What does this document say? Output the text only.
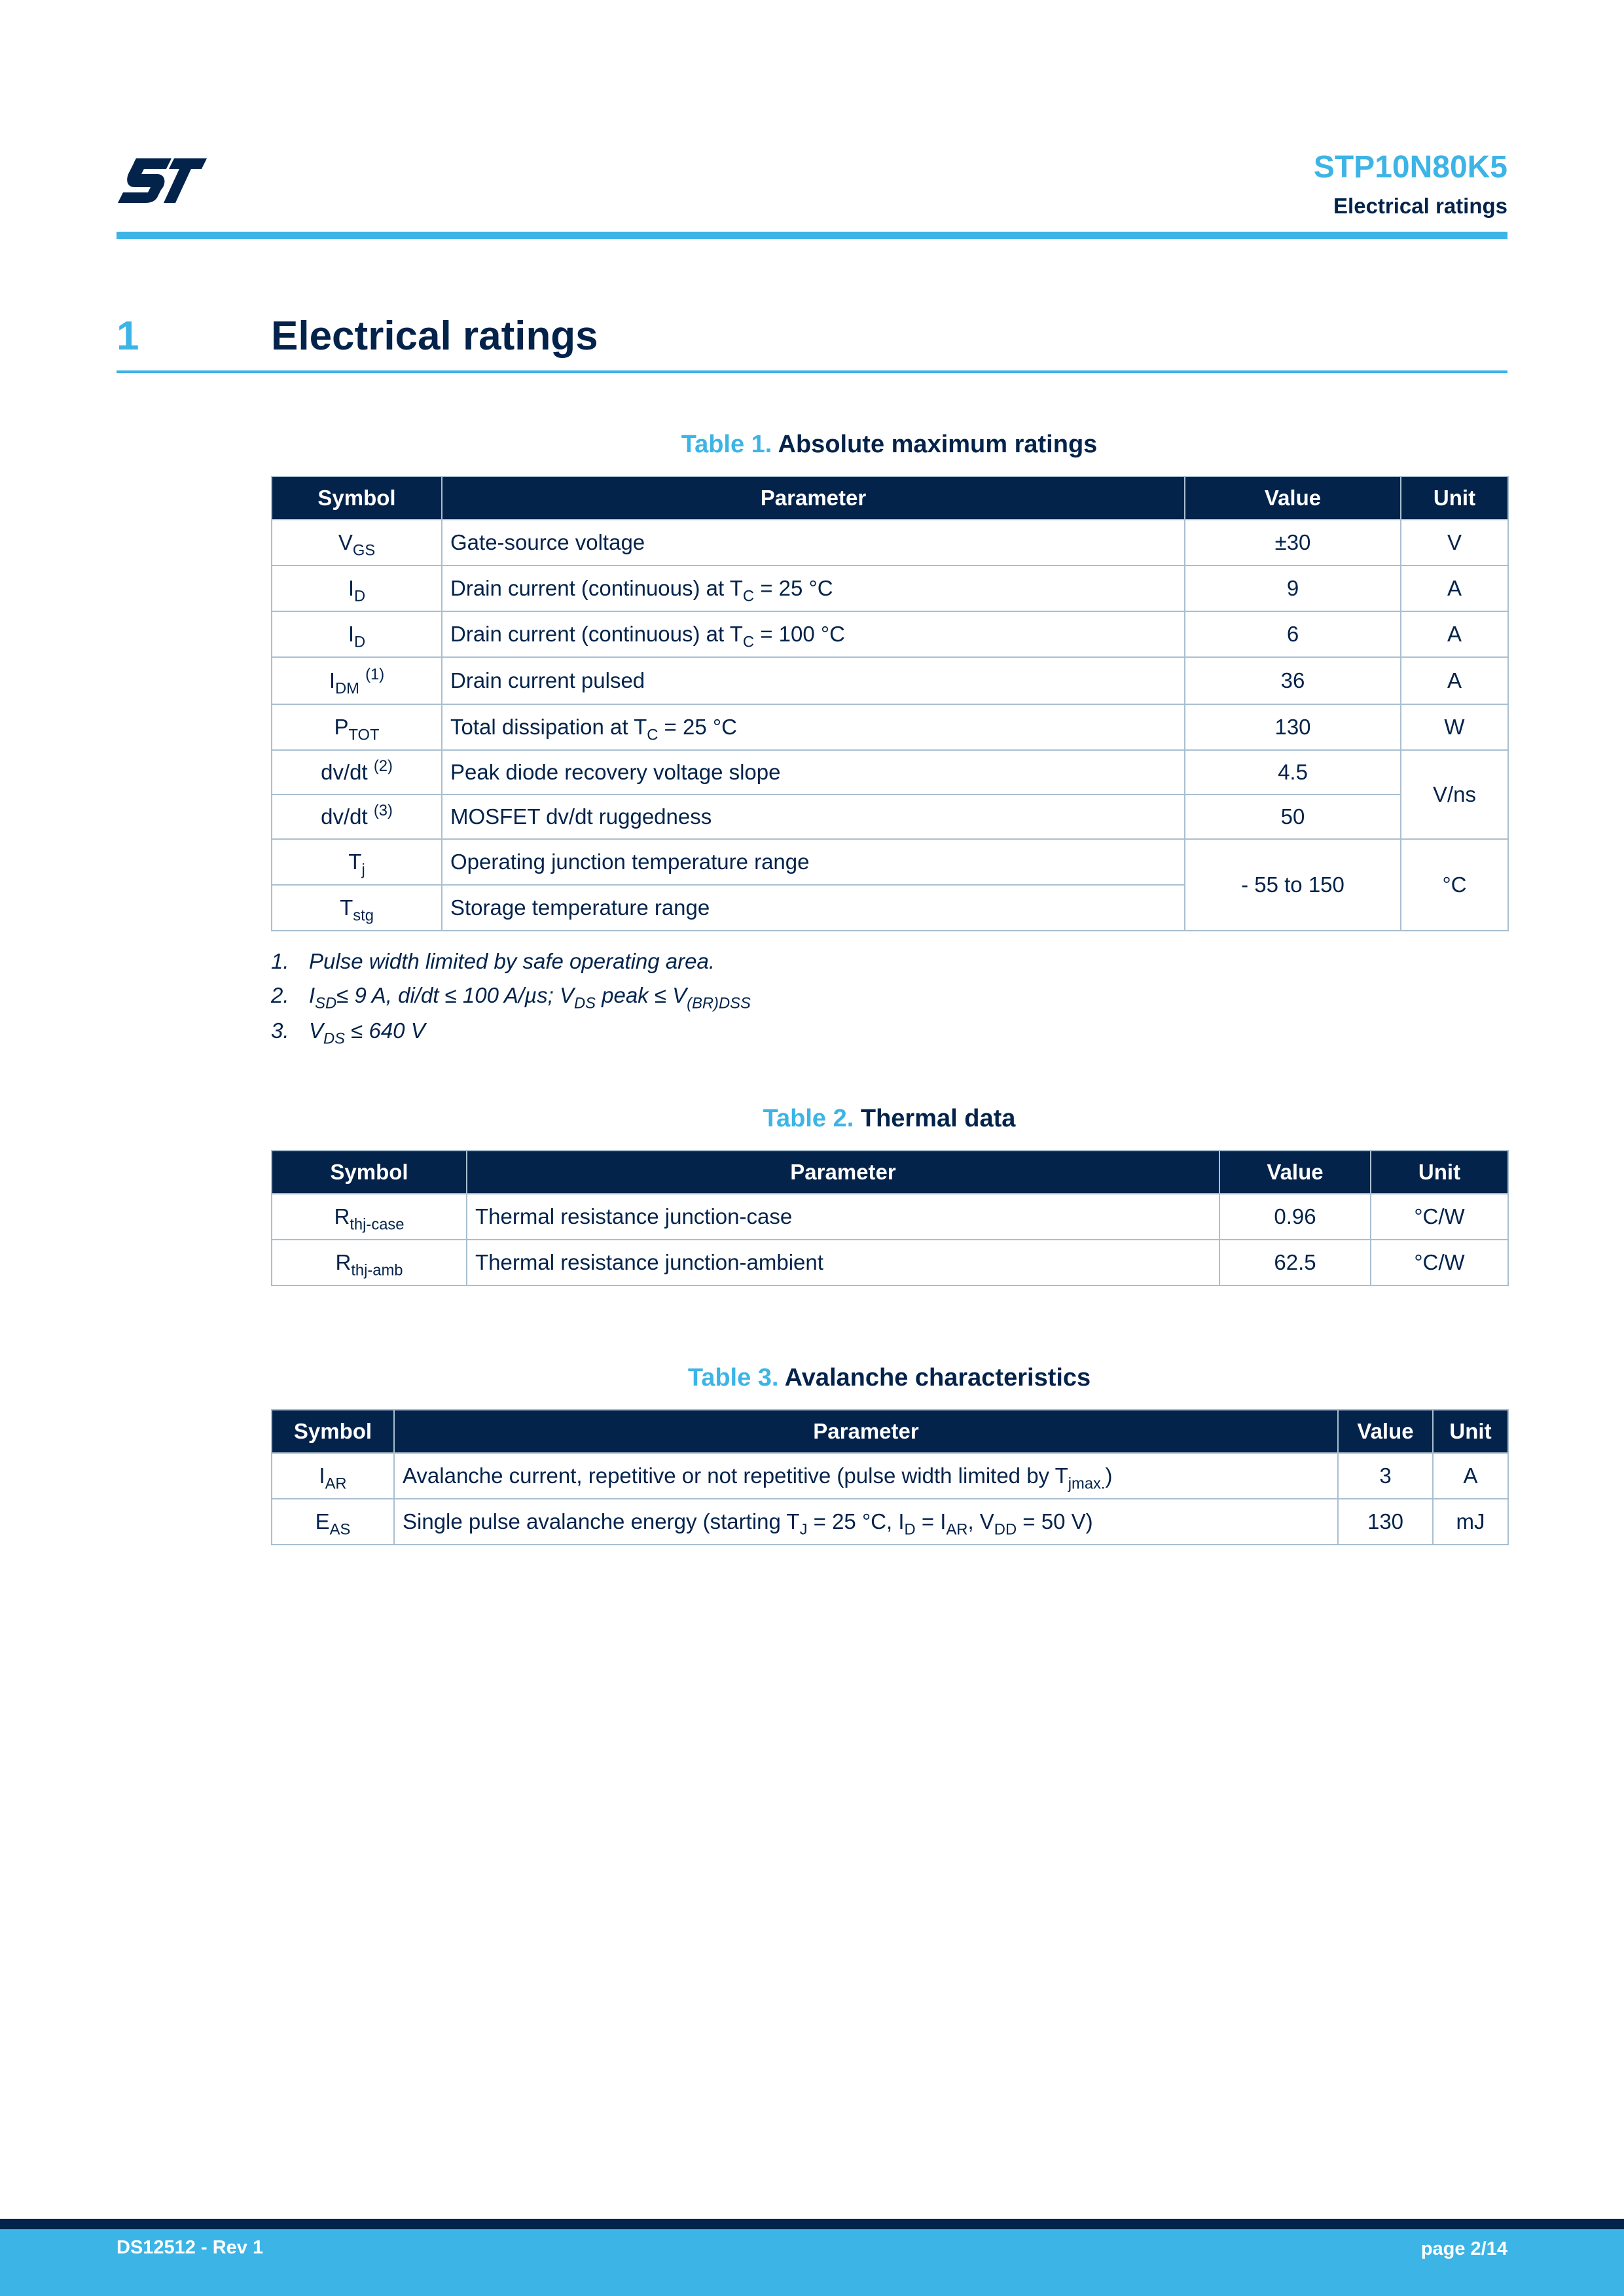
STP10N80K5
Electrical ratings
1	Electrical ratings
Table 1. Absolute maximum ratings
Symbol	Parameter	Value	Unit
$V_{GS}$	Gate-source voltage	±30	V
$I_D$	Drain current (continuous) at $T_C = 25$ °C	9	A
$I_D$	Drain current (continuous) at $T_C = 100$ °C	6	A
$I_{DM}$ $^{(1)}$	Drain current pulsed	36	A
$P_{TOT}$	Total dissipation at $T_C = 25$ °C	130	W
dv/dt $^{(2)}$	Peak diode recovery voltage slope	4.5	V/ns
dv/dt $^{(3)}$	MOSFET dv/dt ruggedness	50	
$T_j$	Operating junction temperature range	- 55 to 150	°C
$T_{stg}$	Storage temperature range		
1. Pulse width limited by safe operating area.
2. $I_{SD}\le 9$ A, di/dt ≤ 100 A/µs; $V_{DS}$ peak ≤ $V_{(BR)DSS}$
3. $V_{DS} \le 640$ V
Table 2. Thermal data
Symbol	Parameter	Value	Unit
$R_{thj-case}$	Thermal resistance junction-case	0.96	°C/W
$R_{thj-amb}$	Thermal resistance junction-ambient	62.5	°C/W
Table 3. Avalanche characteristics
Symbol	Parameter	Value	Unit
$I_{AR}$	Avalanche current, repetitive or not repetitive (pulse width limited by $T_{jmax.}$)	3	A
$E_{AS}$	Single pulse avalanche energy (starting $T_J = 25$ °C, $I_D = I_{AR}$, $V_{DD} = 50$ V)	130	mJ
DS12512 - Rev 1	page 2/14
